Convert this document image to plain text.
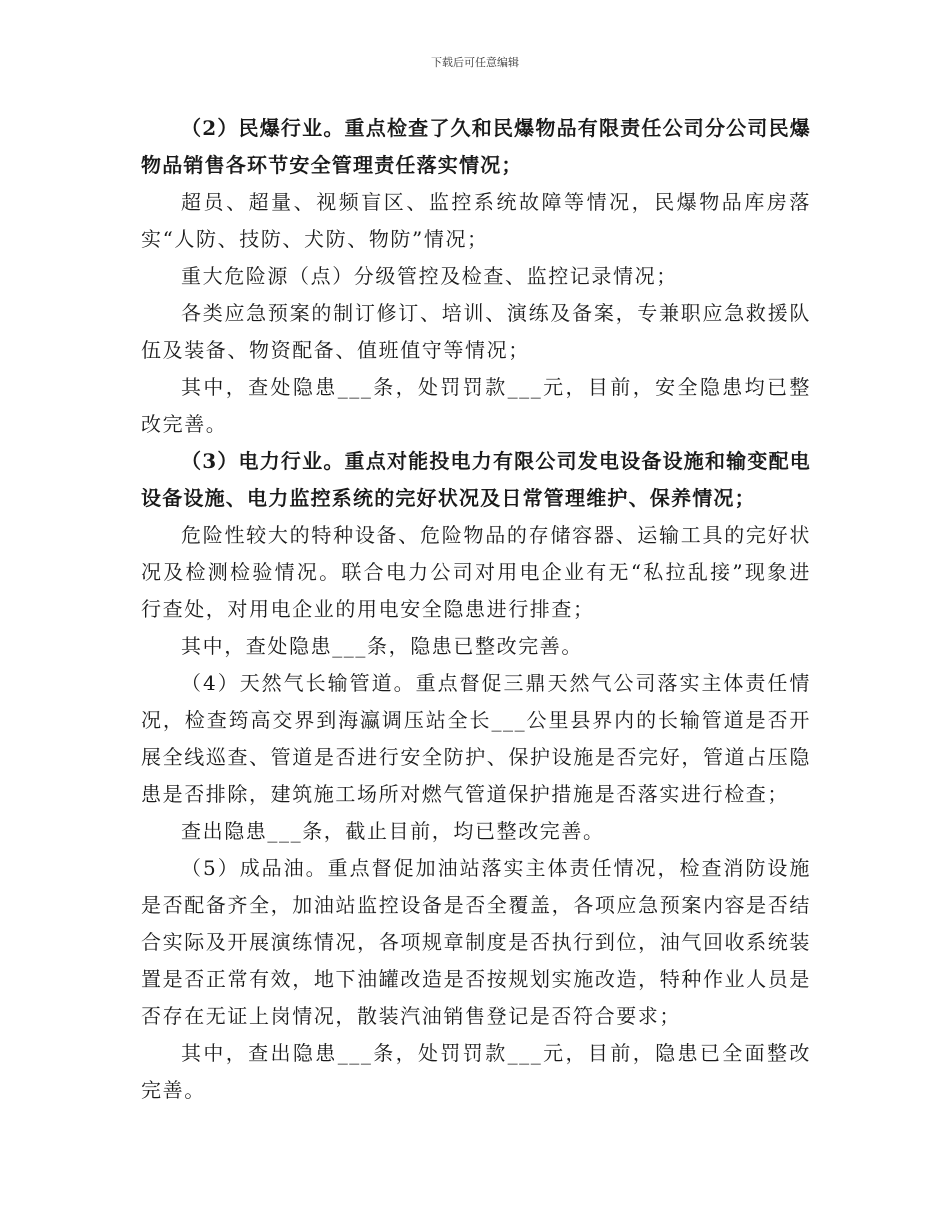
下载后可任意编辑

（2）民爆行业。重点检查了久和民爆物品有限责任公司分公司民爆物品销售各环节安全管理责任落实情况；

超员、超量、视频盲区、监控系统故障等情况，民爆物品库房落实“人防、技防、犬防、物防”情况；

重大危险源（点）分级管控及检查、监控记录情况；

各类应急预案的制订修订、培训、演练及备案，专兼职应急救援队伍及装备、物资配备、值班值守等情况；

其中，查处隐患___条，处罚罚款___元，目前，安全隐患均已整改完善。

（3）电力行业。重点对能投电力有限公司发电设备设施和输变配电设备设施、电力监控系统的完好状况及日常管理维护、保养情况；

危险性较大的特种设备、危险物品的存储容器、运输工具的完好状况及检测检验情况。联合电力公司对用电企业有无“私拉乱接”现象进行查处，对用电企业的用电安全隐患进行排查；

其中，查处隐患___条，隐患已整改完善。

（4）天然气长输管道。重点督促三鼎天然气公司落实主体责任情况，检查筠高交界到海瀛调压站全长___公里县界内的长输管道是否开展全线巡查、管道是否进行安全防护、保护设施是否完好，管道占压隐患是否排除，建筑施工场所对燃气管道保护措施是否落实进行检查；

查出隐患___条，截止目前，均已整改完善。

（5）成品油。重点督促加油站落实主体责任情况，检查消防设施是否配备齐全，加油站监控设备是否全覆盖，各项应急预案内容是否结合实际及开展演练情况，各项规章制度是否执行到位，油气回收系统装置是否正常有效，地下油罐改造是否按规划实施改造，特种作业人员是否存在无证上岗情况，散装汽油销售登记是否符合要求；

其中，查出隐患___条，处罚罚款___元，目前，隐患已全面整改完善。
